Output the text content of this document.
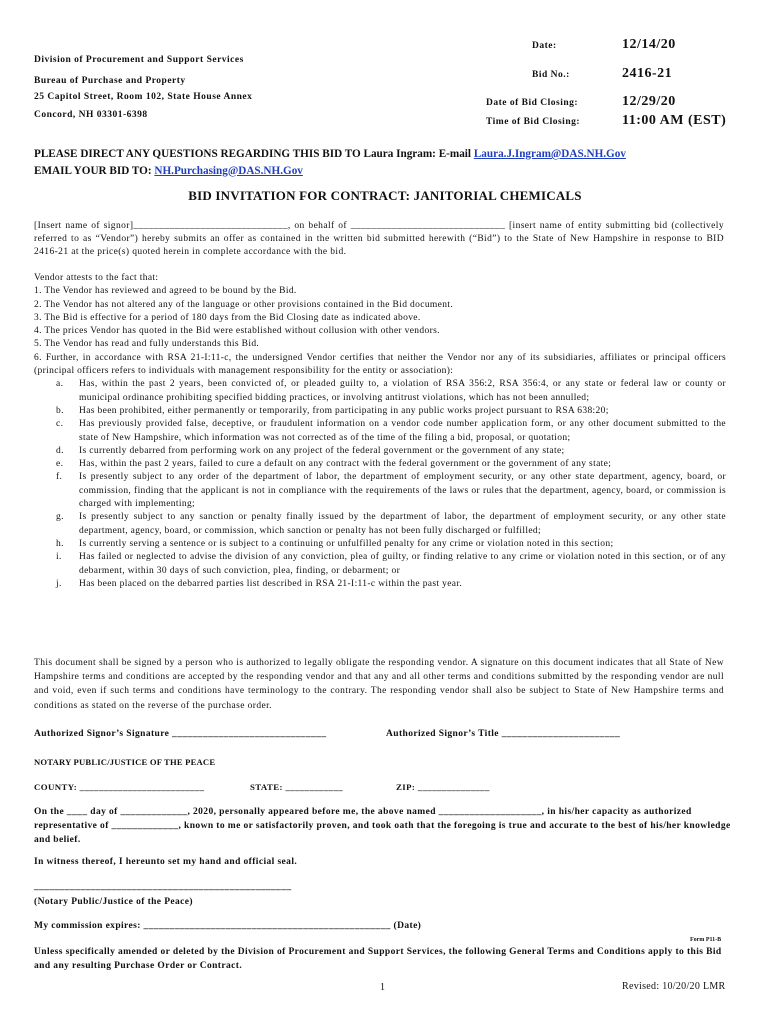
Division of Procurement and Support Services
Bureau of Purchase and Property
25 Capitol Street, Room 102, State House Annex
Concord, NH 03301-6398
Date:	12/14/20
Bid No.:	2416-21
Date of Bid Closing:	12/29/20
Time of Bid Closing:	11:00 AM (EST)
PLEASE DIRECT ANY QUESTIONS REGARDING THIS BID TO Laura Ingram: E-mail Laura.J.Ingram@DAS.NH.Gov
EMAIL YOUR BID TO: NH.Purchasing@DAS.NH.Gov
BID INVITATION FOR CONTRACT: JANITORIAL CHEMICALS
[Insert name of signor]______________________________, on behalf of ______________________________ [insert name of entity submitting bid (collectively referred to as “Vendor”) hereby submits an offer as contained in the written bid submitted herewith (“Bid”) to the State of New Hampshire in response to BID 2416-21 at the price(s) quoted herein in complete accordance with the bid.
Vendor attests to the fact that:
1. The Vendor has reviewed and agreed to be bound by the Bid.
2. The Vendor has not altered any of the language or other provisions contained in the Bid document.
3. The Bid is effective for a period of 180 days from the Bid Closing date as indicated above.
4. The prices Vendor has quoted in the Bid were established without collusion with other vendors.
5. The Vendor has read and fully understands this Bid.
6. Further, in accordance with RSA 21-I:11-c, the undersigned Vendor certifies that neither the Vendor nor any of its subsidiaries, affiliates or principal officers (principal officers refers to individuals with management responsibility for the entity or association):
a. Has, within the past 2 years, been convicted of, or pleaded guilty to, a violation of RSA 356:2, RSA 356:4, or any state or federal law or county or municipal ordinance prohibiting specified bidding practices, or involving antitrust violations, which has not been annulled;
b. Has been prohibited, either permanently or temporarily, from participating in any public works project pursuant to RSA 638:20;
c. Has previously provided false, deceptive, or fraudulent information on a vendor code number application form, or any other document submitted to the state of New Hampshire, which information was not corrected as of the time of the filing a bid, proposal, or quotation;
d. Is currently debarred from performing work on any project of the federal government or the government of any state;
e. Has, within the past 2 years, failed to cure a default on any contract with the federal government or the government of any state;
f. Is presently subject to any order of the department of labor, the department of employment security, or any other state department, agency, board, or commission, finding that the applicant is not in compliance with the requirements of the laws or rules that the department, agency, board, or commission is charged with implementing;
g. Is presently subject to any sanction or penalty finally issued by the department of labor, the department of employment security, or any other state department, agency, board, or commission, which sanction or penalty has not been fully discharged or fulfilled;
h. Is currently serving a sentence or is subject to a continuing or unfulfilled penalty for any crime or violation noted in this section;
i. Has failed or neglected to advise the division of any conviction, plea of guilty, or finding relative to any crime or violation noted in this section, or of any debarment, within 30 days of such conviction, plea, finding, or debarment; or
j. Has been placed on the debarred parties list described in RSA 21-I:11-c within the past year.
This document shall be signed by a person who is authorized to legally obligate the responding vendor. A signature on this document indicates that all State of New Hampshire terms and conditions are accepted by the responding vendor and that any and all other terms and conditions submitted by the responding vendor are null and void, even if such terms and conditions have terminology to the contrary. The responding vendor shall also be subject to State of New Hampshire terms and conditions as stated on the reverse of the purchase order.
Authorized Signor’s Signature ______________________________	Authorized Signor’s Title _______________________
NOTARY PUBLIC/JUSTICE OF THE PEACE
COUNTY: __________________________	STATE: ____________	ZIP: _______________
On the ____ day of _____________, 2020, personally appeared before me, the above named ____________________, in his/her capacity as authorized representative of _____________, known to me or satisfactorily proven, and took oath that the foregoing is true and accurate to the best of his/her knowledge and belief.
In witness thereof, I hereunto set my hand and official seal.
__________________________________________________
(Notary Public/Justice of the Peace)
My commission expires: ________________________________________________ (Date)
Form P11-B
Unless specifically amended or deleted by the Division of Procurement and Support Services, the following General Terms and Conditions apply to this Bid and any resulting Purchase Order or Contract.
1	Revised: 10/20/20 LMR
